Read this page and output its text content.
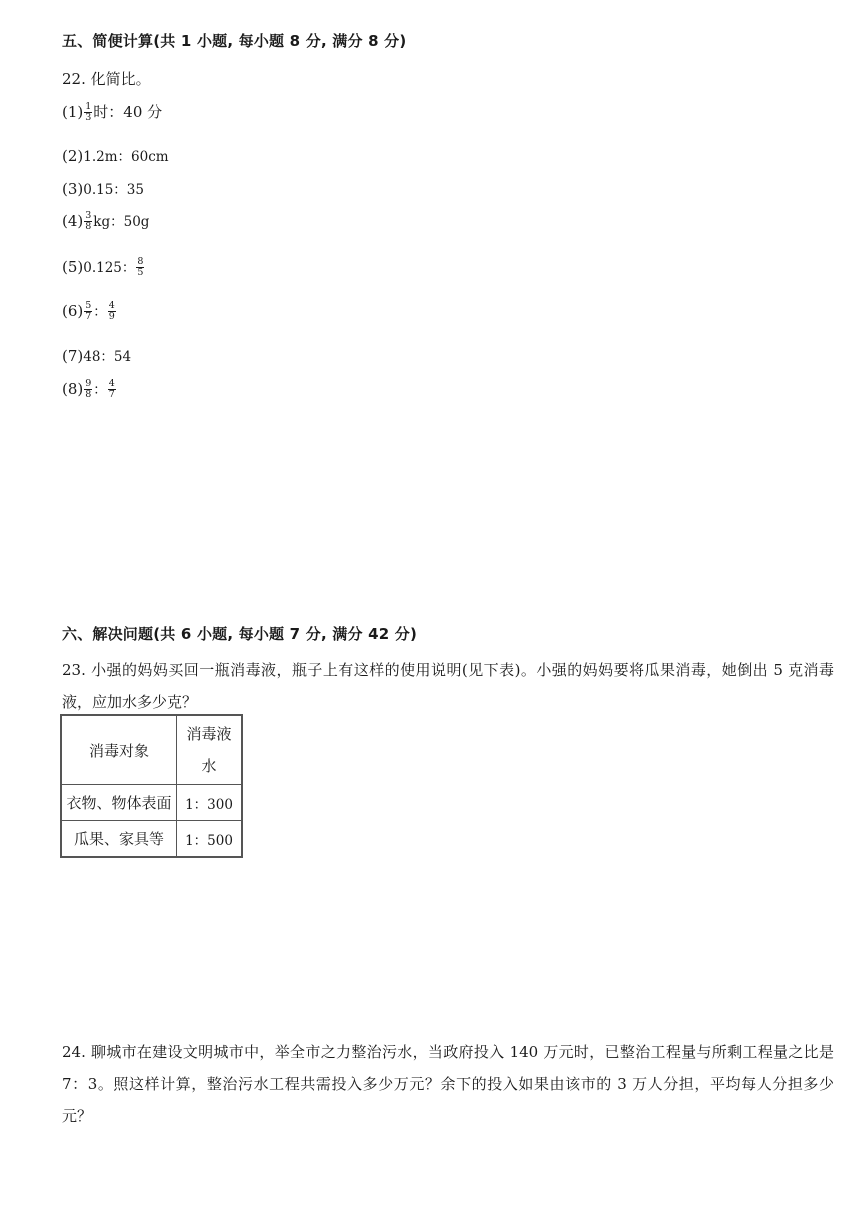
五、简便计算(共 1 小题, 每小题 8 分, 满分 8 分)
22. 化简比。
$(1) \frac{1}{3}$ 时：40 分
(2)1.2m：60cm
(3)0.15：35
$(4) \frac{3}{8}$ kg：50g
(5)0.125： $\frac{8}{5}$
$(6) \frac{5}{7}$ ： $\frac{4}{9}$
(7)48：54
$(8) \frac{9}{8}$ ： $\frac{4}{7}$
六、解决问题(共 6 小题, 每小题 7 分, 满分 42 分)
23. 小强的妈妈买回一瓶消毒液，瓶子上有这样的使用说明(见下表)。小强的妈妈要将瓜果消毒，她倒出 5 克消毒液，应加水多少克？
消毒对象	消毒液
水

衣物、物体表面	1：300
瓜果、家具等	1：500
24. 聊城市在建设文明城市中，举全市之力整治污水，当政府投入 140 万元时，已整治工程量与所剩工程量之比是 7：3。照这样计算，整治污水工程共需投入多少万元？余下的投入如果由该市的 3 万人分担，平均每人分担多少元？
